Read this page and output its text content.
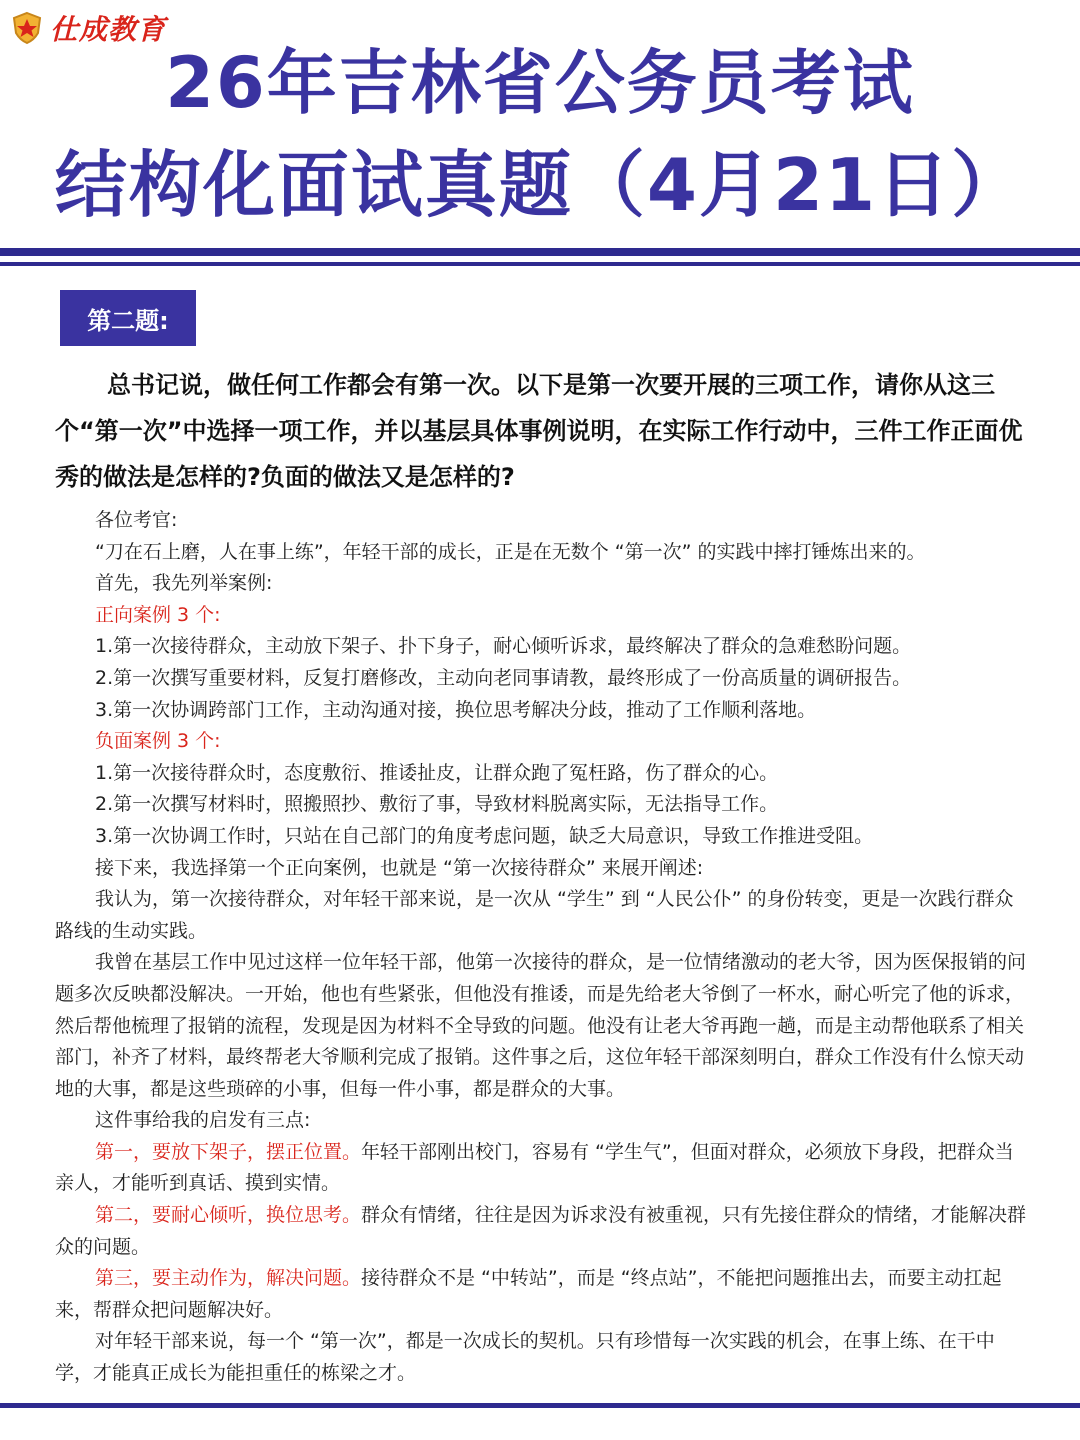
仕成教育
26年吉林省公务员考试
结构化面试真题（4月21日）
第二题:
总书记说，做任何工作都会有第一次。以下是第一次要开展的三项工作，请你从这三个“第一次”中选择一项工作，并以基层具体事例说明，在实际工作行动中，三件工作正面优秀的做法是怎样的?负面的做法又是怎样的?

各位考官:

“刀在石上磨，人在事上练”，年轻干部的成长，正是在无数个 “第一次” 的实践中摔打锤炼出来的。

首先，我先列举案例:

正向案例 3 个:

1.第一次接待群众，主动放下架子、扑下身子，耐心倾听诉求，最终解决了群众的急难愁盼问题。

2.第一次撰写重要材料，反复打磨修改，主动向老同事请教，最终形成了一份高质量的调研报告。

3.第一次协调跨部门工作，主动沟通对接，换位思考解决分歧，推动了工作顺利落地。

负面案例 3 个:

1.第一次接待群众时，态度敷衍、推诿扯皮，让群众跑了冤枉路，伤了群众的心。

2.第一次撰写材料时，照搬照抄、敷衍了事，导致材料脱离实际，无法指导工作。

3.第一次协调工作时，只站在自己部门的角度考虑问题，缺乏大局意识，导致工作推进受阻。

接下来，我选择第一个正向案例，也就是 “第一次接待群众” 来展开阐述:

我认为，第一次接待群众，对年轻干部来说，是一次从 “学生” 到 “人民公仆” 的身份转变，更是一次践行群众路线的生动实践。

我曾在基层工作中见过这样一位年轻干部，他第一次接待的群众，是一位情绪激动的老大爷，因为医保报销的问题多次反映都没解决。一开始，他也有些紧张，但他没有推诿，而是先给老大爷倒了一杯水，耐心听完了他的诉求，然后帮他梳理了报销的流程，发现是因为材料不全导致的问题。他没有让老大爷再跑一趟，而是主动帮他联系了相关部门，补齐了材料，最终帮老大爷顺利完成了报销。这件事之后，这位年轻干部深刻明白，群众工作没有什么惊天动地的大事，都是这些琐碎的小事，但每一件小事，都是群众的大事。

这件事给我的启发有三点:

第一，要放下架子，摆正位置。年轻干部刚出校门，容易有 “学生气”，但面对群众，必须放下身段，把群众当亲人，才能听到真话、摸到实情。

第二，要耐心倾听，换位思考。群众有情绪，往往是因为诉求没有被重视，只有先接住群众的情绪，才能解决群众的问题。

第三，要主动作为，解决问题。接待群众不是 “中转站”，而是 “终点站”，不能把问题推出去，而要主动扛起来，帮群众把问题解决好。

对年轻干部来说，每一个 “第一次”，都是一次成长的契机。只有珍惜每一次实践的机会，在事上练、在干中学，才能真正成长为能担重任的栋梁之才。
